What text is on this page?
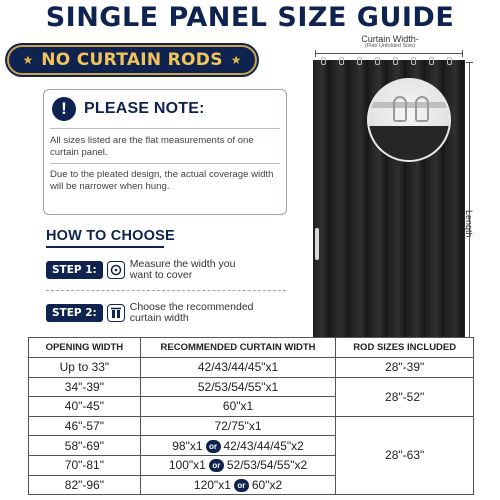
SINGLE PANEL SIZE GUIDE
★ NO CURTAIN RODS ★
!	PLEASE NOTE:
All sizes listed are the flat measurements of one curtain panel.
Due to the pleated design, the actual coverage width will be narrower when hung.
HOW TO CHOOSE
STEP 1:	Measure the width you want to cover
STEP 2:	Choose the recommended curtain width
Curtain Width-
(Flat/ Unfolded Size)
Length
OPENING WIDTH	RECOMMENDED CURTAIN WIDTH	ROD SIZES INCLUDED
Up to 33"	42/43/44/45"x1	28"-39"
34"-39"	52/53/54/55"x1	28"-52"
40"-45"	60"x1	
46"-57"	72/75"x1	28"-63"
58"-69"	98"x1 or 42/43/44/45"x2	
70"-81"	100"x1 or 52/53/54/55"x2	
82"-96"	120"x1 or 60"x2	
